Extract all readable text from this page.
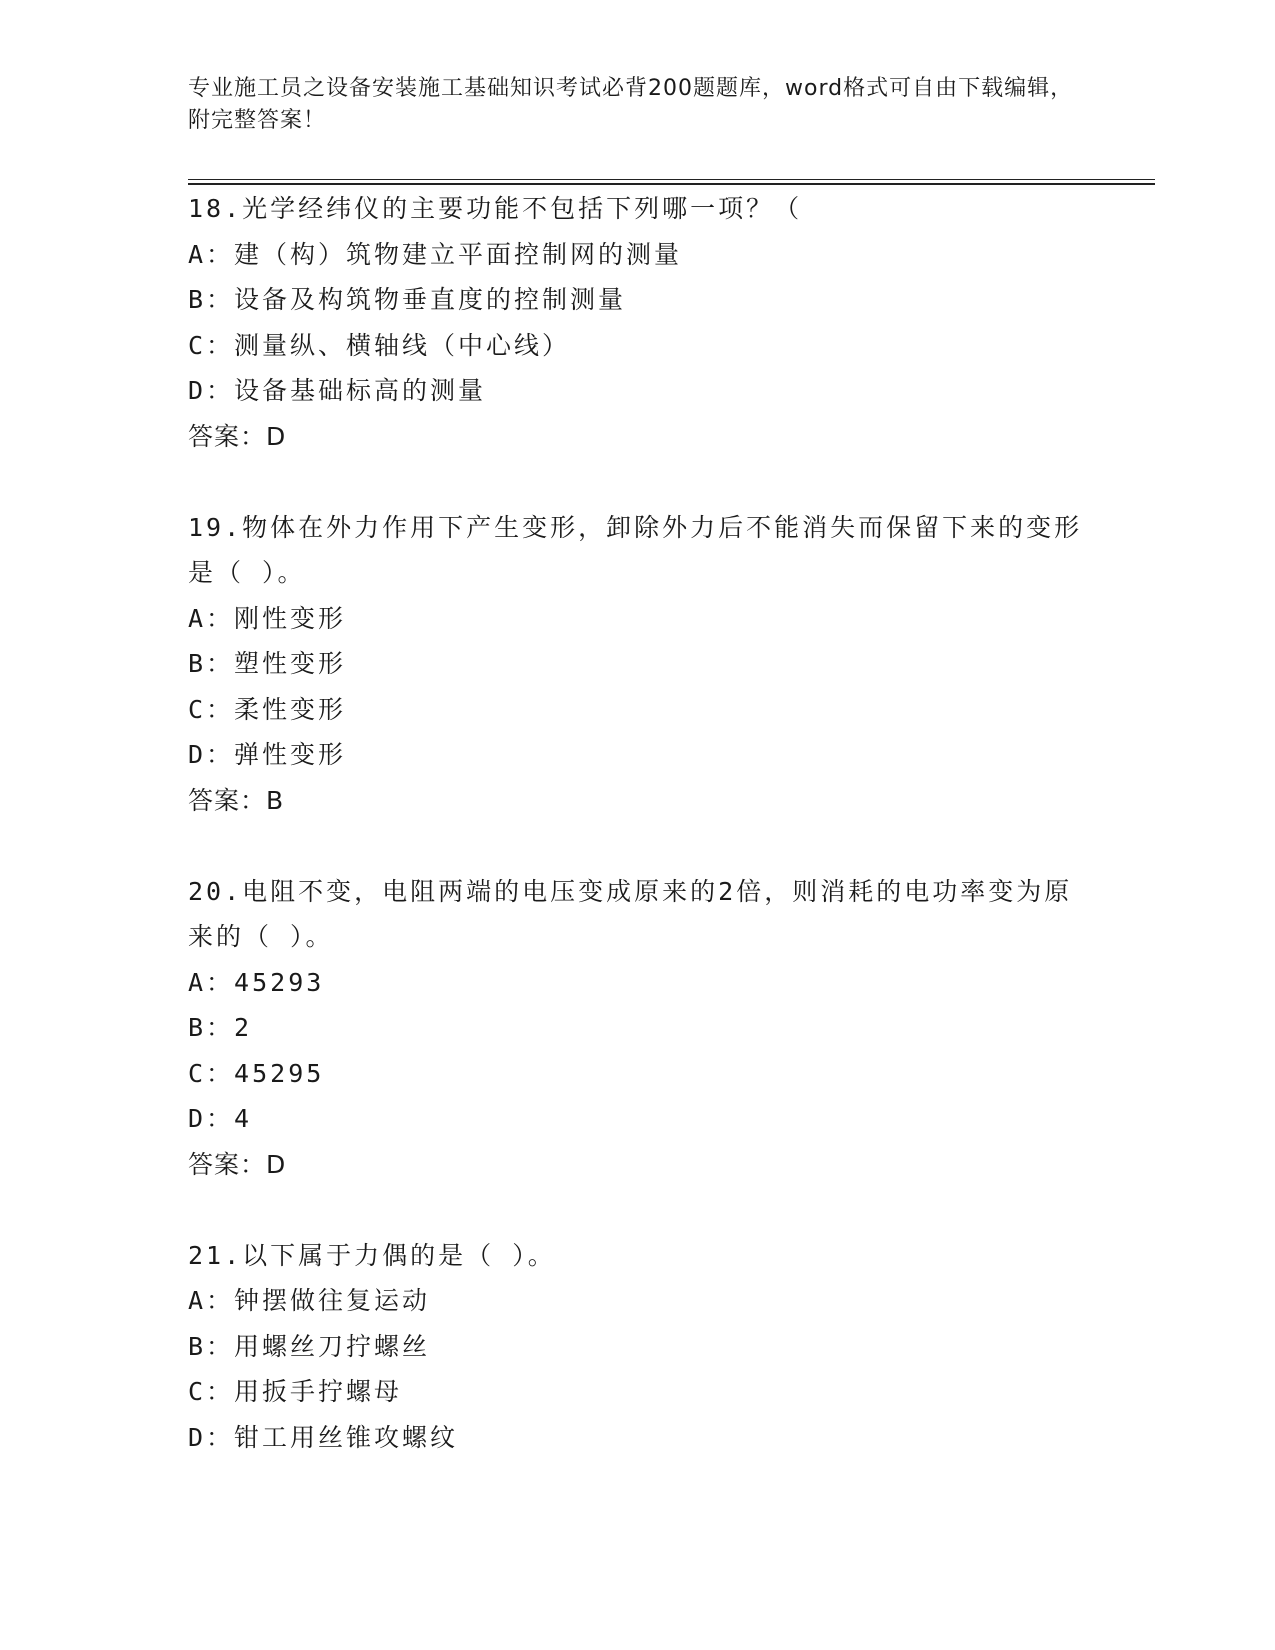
专业施工员之设备安装施工基础知识考试必背200题题库，word格式可自由下载编辑，附完整答案！
18.光学经纬仪的主要功能不包括下列哪一项？（
A：建（构）筑物建立平面控制网的测量
B：设备及构筑物垂直度的控制测量
C：测量纵、横轴线（中心线）
D：设备基础标高的测量
答案：D
19.物体在外力作用下产生变形，卸除外力后不能消失而保留下来的变形是（ ）。
A：刚性变形
B：塑性变形
C：柔性变形
D：弹性变形
答案：B
20.电阻不变，电阻两端的电压变成原来的2倍，则消耗的电功率变为原来的（ ）。
A：45293
B：2
C：45295
D：4
答案：D
21.以下属于力偶的是（ ）。
A：钟摆做往复运动
B：用螺丝刀拧螺丝
C：用扳手拧螺母
D：钳工用丝锥攻螺纹
